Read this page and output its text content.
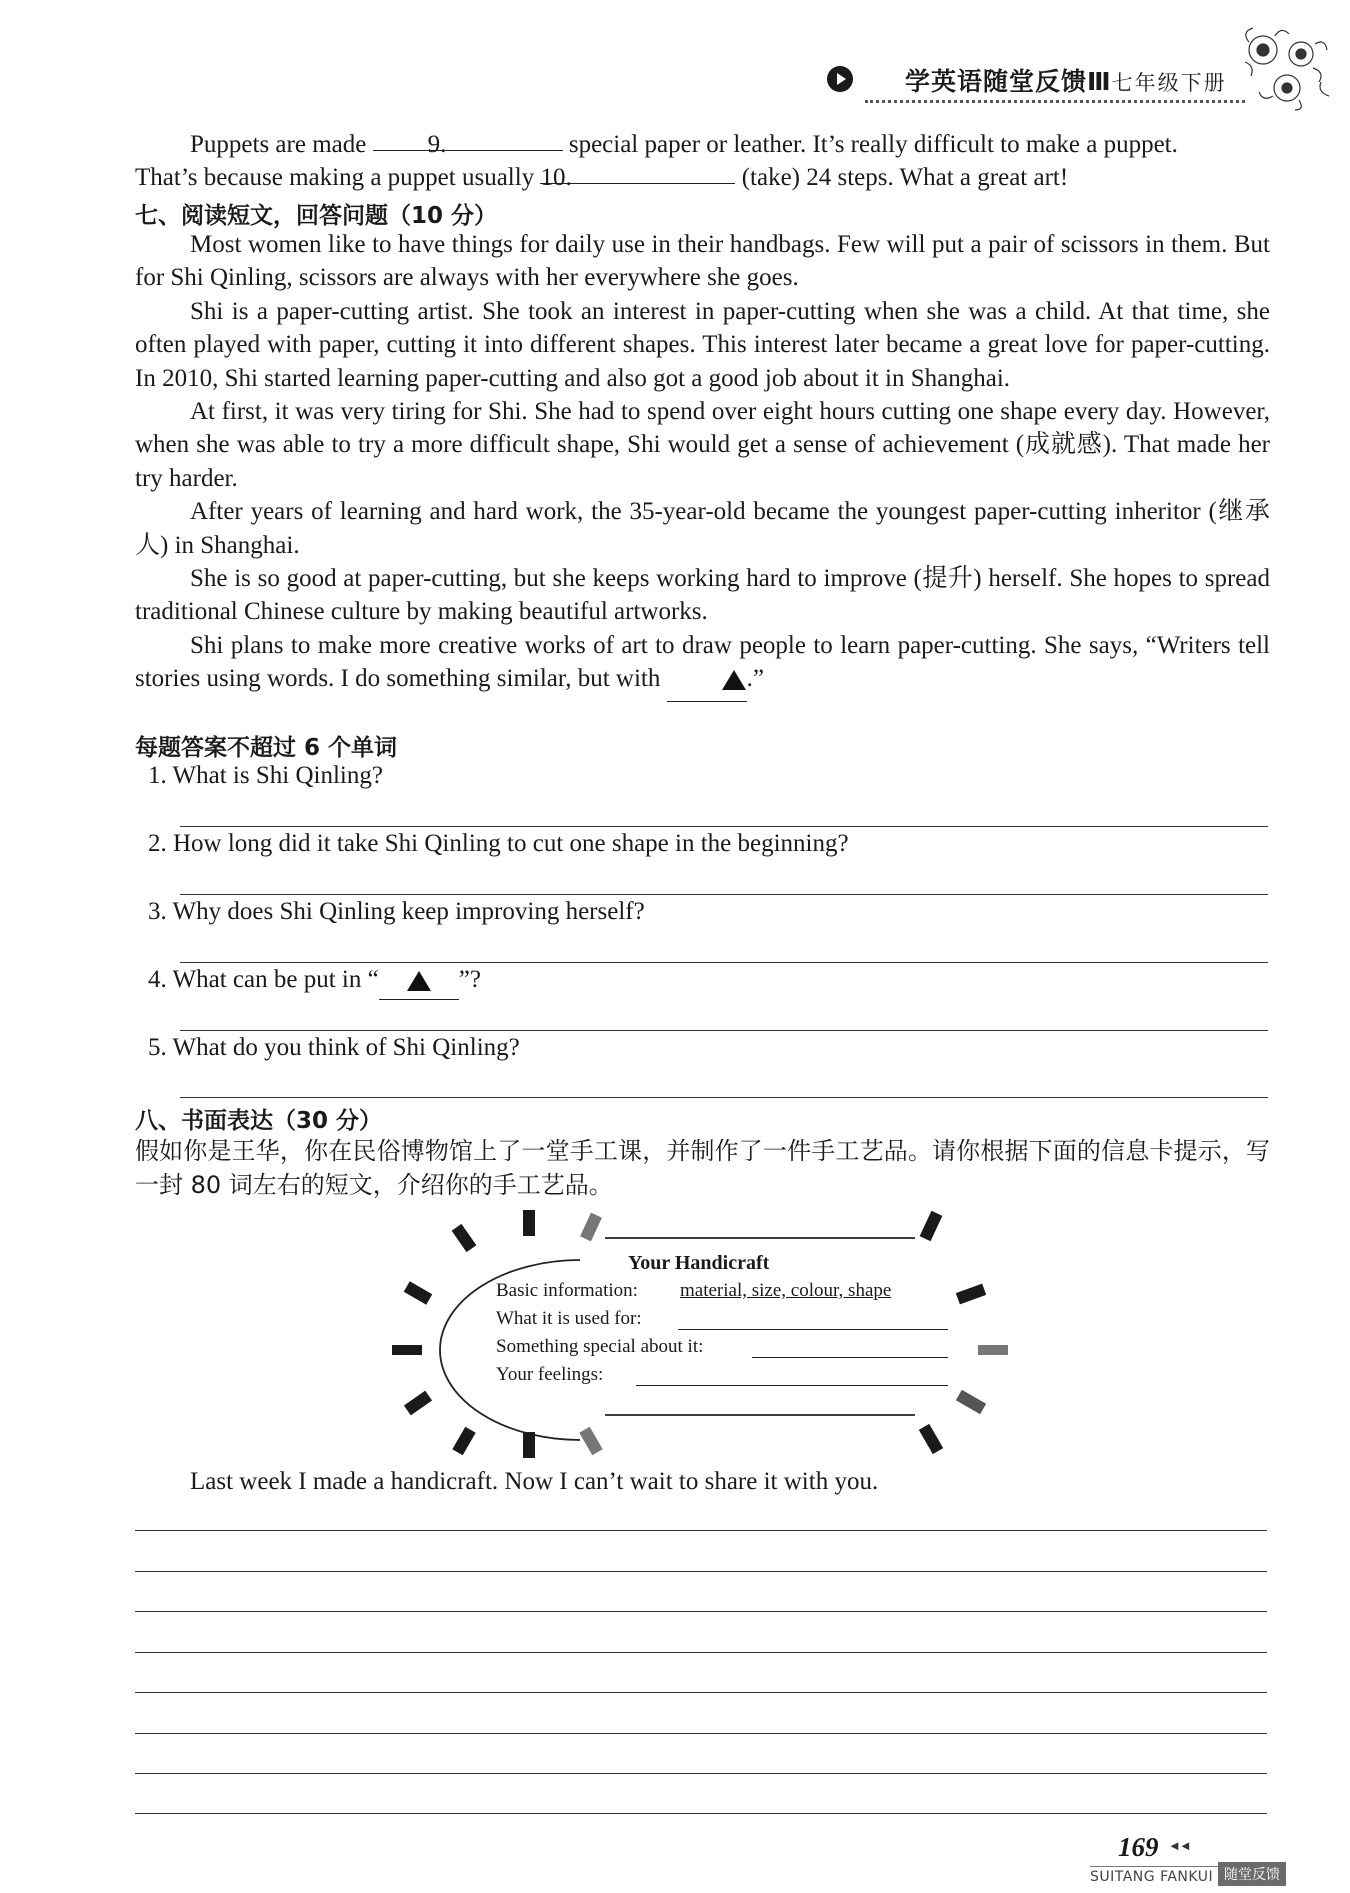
学英语随堂反馈Ⅲ七年级下册

Puppets are made 9.	special paper or leather. It’s really difficult to make a puppet.

That’s because making a puppet usually 10.	(take) 24 steps. What a great art!

七、阅读短文，回答问题（10 分）

Most women like to have things for daily use in their handbags. Few will put a pair of scissors in them. But for Shi Qinling, scissors are always with her everywhere she goes.

Shi is a paper-cutting artist. She took an interest in paper-cutting when she was a child. At that time, she often played with paper, cutting it into different shapes. This interest later became a great love for paper-cutting. In 2010, Shi started learning paper-cutting and also got a good job about it in Shanghai.

At first, it was very tiring for Shi. She had to spend over eight hours cutting one shape every day. However, when she was able to try a more difficult shape, Shi would get a sense of achievement (成就感). That made her try harder.

After years of learning and hard work, the 35-year-old became the youngest paper-cutting inheritor (继承人) in Shanghai.

She is so good at paper-cutting, but she keeps working hard to improve (提升) herself. She hopes to spread traditional Chinese culture by making beautiful artworks.

Shi plans to make more creative works of art to draw people to learn paper-cutting. She says, “Writers tell stories using words. I do something similar, but with	.”

每题答案不超过 6 个单词
1. What is Shi Qinling?
2. How long did it take Shi Qinling to cut one shape in the beginning?
3. Why does Shi Qinling keep improving herself?
4. What can be put in “	”?
5. What do you think of Shi Qinling?
八、书面表达（30 分）
假如你是王华，你在民俗博物馆上了一堂手工课，并制作了一件手工艺品。请你根据下面的信息卡提示，写一封 80 词左右的短文，介绍你的手工艺品。
Your Handicraft
Basic information: material, size, colour, shape
What it is used for:
Something special about it:
Your feelings:
Last week I made a handicraft. Now I can’t wait to share it with you.
169 ◄◄
SUITANG FANKUI 随堂反馈
